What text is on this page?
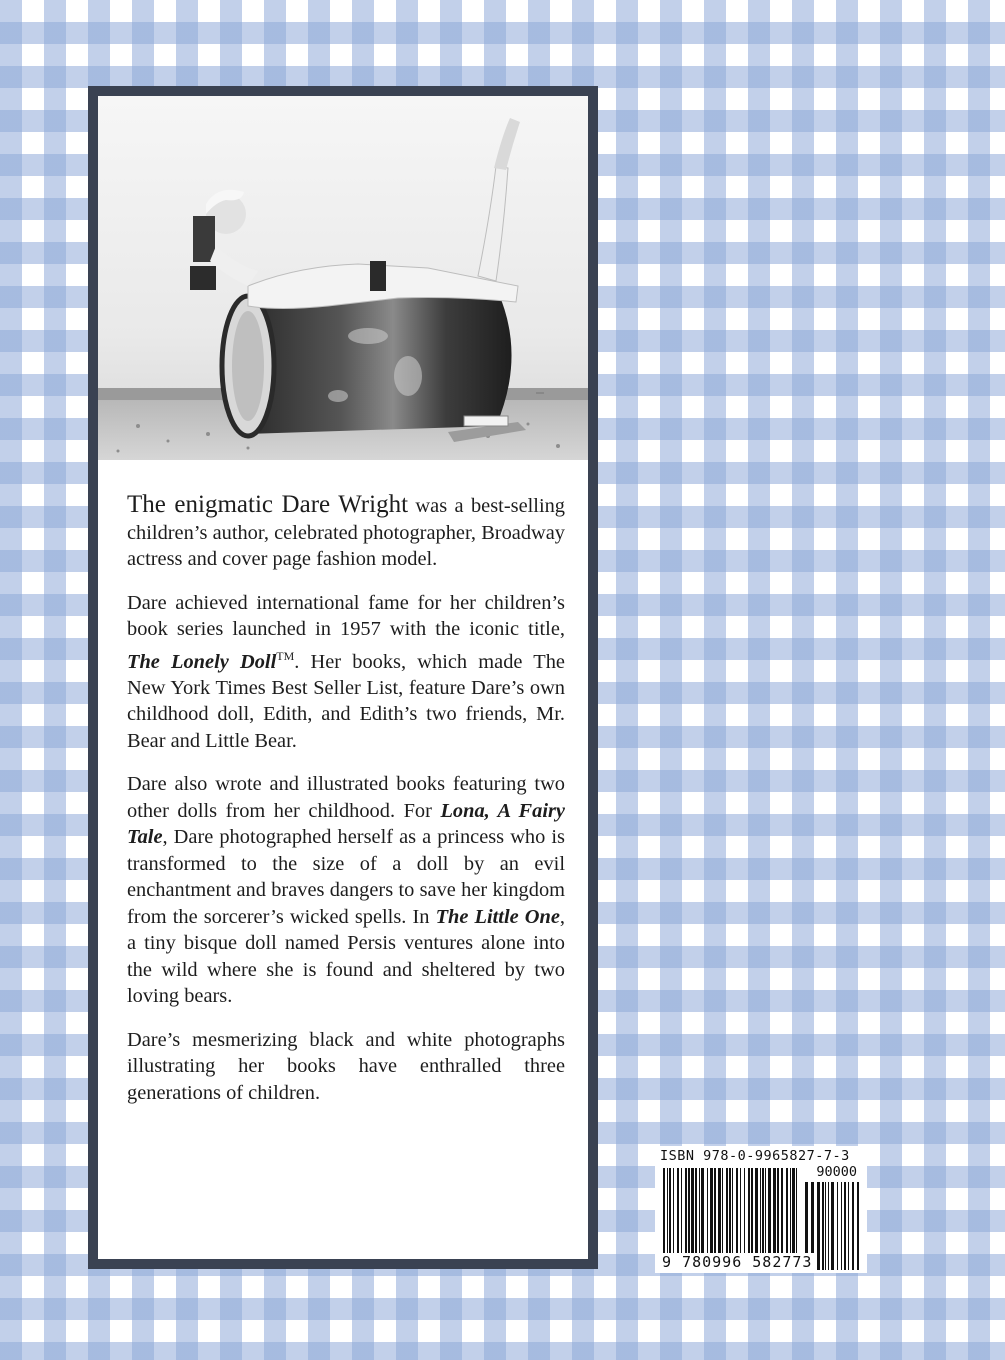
The enigmatic Dare Wright was a best-selling children’s author, celebrated photographer, Broadway actress and cover page fashion model.

Dare achieved international fame for her children’s book series launched in 1957 with the iconic title, The Lonely Doll™. Her books, which made The New York Times Best Seller List, feature Dare’s own childhood doll, Edith, and Edith’s two friends, Mr. Bear and Little Bear.

Dare also wrote and illustrated books featuring two other dolls from her childhood. For Lona, A Fairy Tale, Dare photographed herself as a princess who is transformed to the size of a doll by an evil enchantment and braves dangers to save her kingdom from the sorcerer’s wicked spells. In The Little One, a tiny bisque doll named Persis ventures alone into the wild where she is found and sheltered by two loving bears.

Dare’s mesmerizing black and white photographs illustrating her books have enthralled three generations of children.

ISBN 978-0-9965827-7-3
90000
9 780996 582773
